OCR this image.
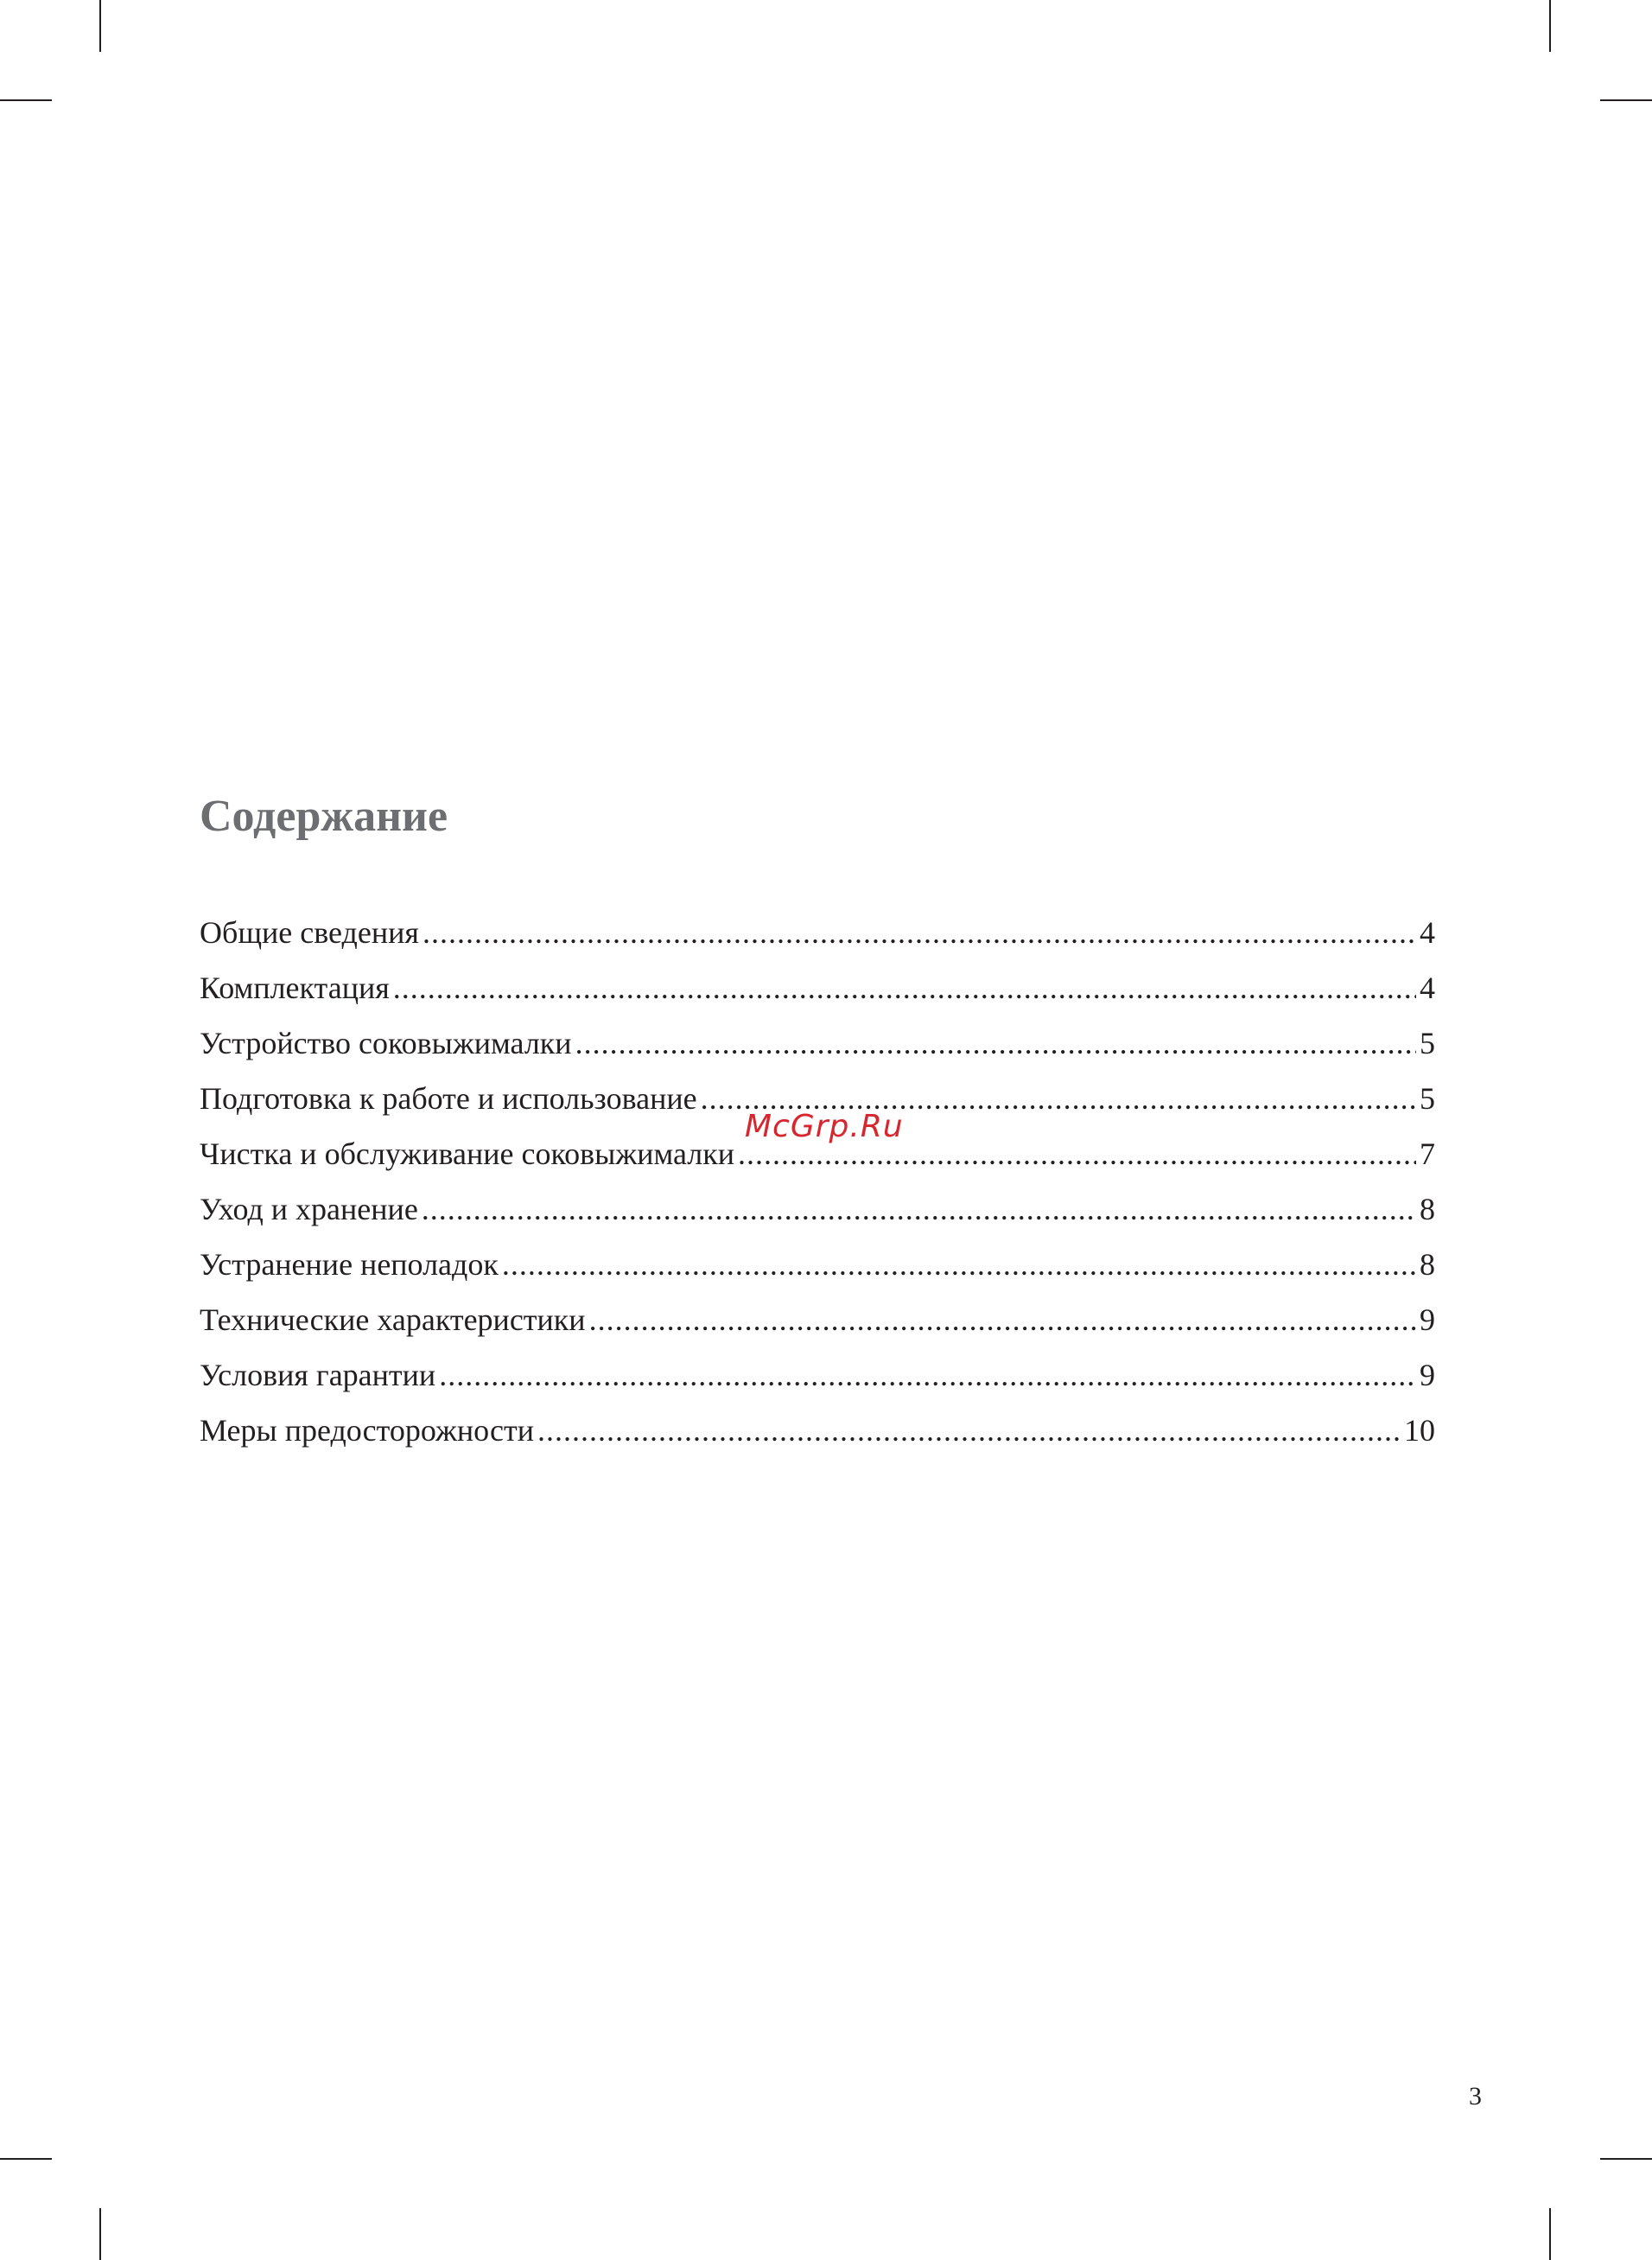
Содержание
Общие сведения .....	4
Комплектация .....	4
Устройство соковыжималки .....	5
Подготовка к работе и использование .....	5
Чистка и обслуживание соковыжималки .....	7
Уход и хранение .....	8
Устранение неполадок .....	8
Технические характеристики .....	9
Условия гарантии .....	9
Меры предосторожности .....	10
McGrp.Ru
3
